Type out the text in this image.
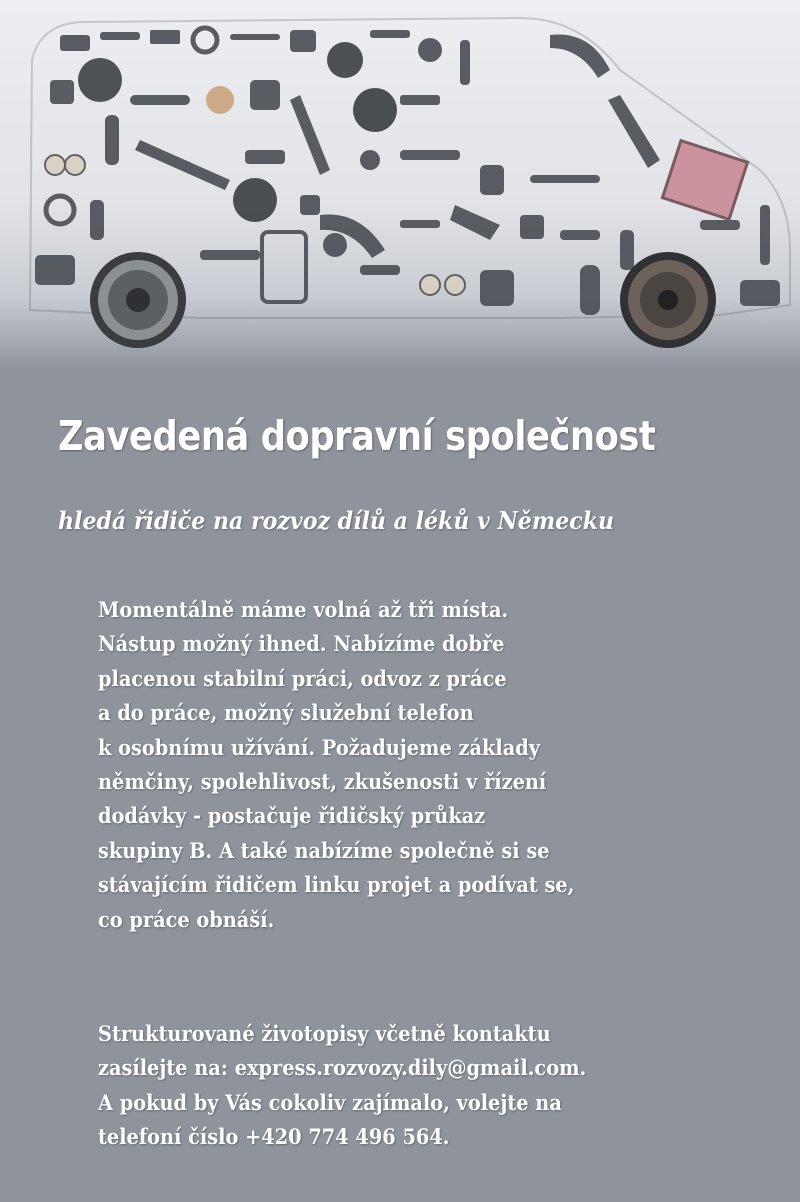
Zavedená dopravní společnost
hledá řidiče na rozvoz dílů a léků v Německu

Momentálně máme volná až tři místa.
Nástup možný ihned. Nabízíme dobře
placenou stabilní práci, odvoz z práce
a do práce, možný služební telefon
k osobnímu užívání. Požadujeme základy
němčiny, spolehlivost, zkušenosti v řízení
dodávky - postačuje řidičský průkaz
skupiny B. A také nabízíme společně si se
stávajícím řidičem linku projet a podívat se,
co práce obnáší.

Strukturované životopisy včetně kontaktu
zasílejte na: express.rozvozy.dily@gmail.com.
A pokud by Vás cokoliv zajímalo, volejte na
telefoní číslo +420 774 496 564.
